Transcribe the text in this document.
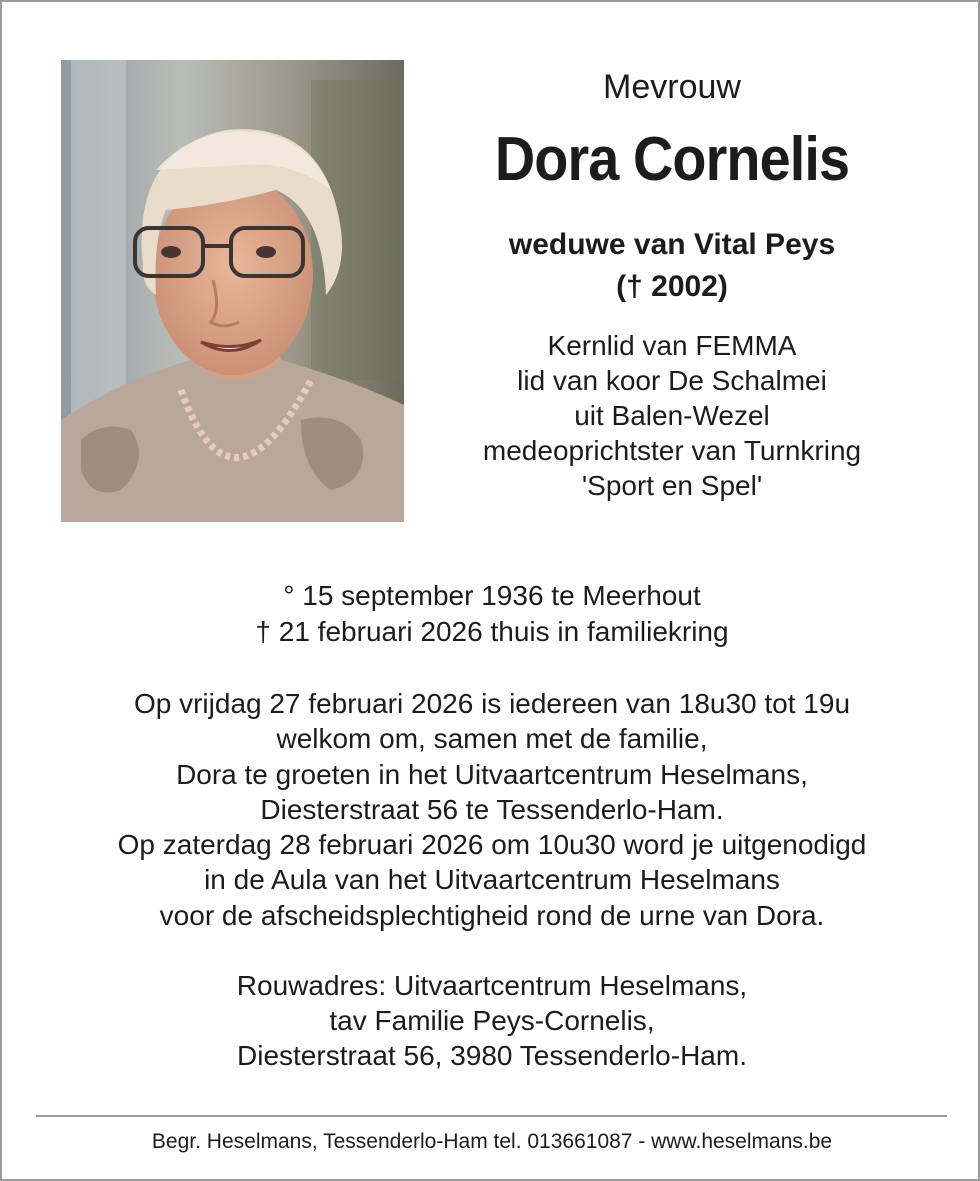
Mevrouw
Dora Cornelis
weduwe van Vital Peys
(† 2002)
Kernlid van FEMMA
lid van koor De Schalmei
uit Balen-Wezel
medeoprichtster van Turnkring
'Sport en Spel'
° 15 september 1936 te Meerhout
† 21 februari 2026 thuis in familiekring
Op vrijdag 27 februari 2026 is iedereen van 18u30 tot 19u
welkom om, samen met de familie,
Dora te groeten in het Uitvaartcentrum Heselmans,
Diesterstraat 56 te Tessenderlo-Ham.
Op zaterdag 28 februari 2026 om 10u30 word je uitgenodigd
in de Aula van het Uitvaartcentrum Heselmans
voor de afscheidsplechtigheid rond de urne van Dora.
Rouwadres: Uitvaartcentrum Heselmans,
tav Familie Peys-Cornelis,
Diesterstraat 56, 3980 Tessenderlo-Ham.
Begr. Heselmans, Tessenderlo-Ham tel. 013661087 - www.heselmans.be
